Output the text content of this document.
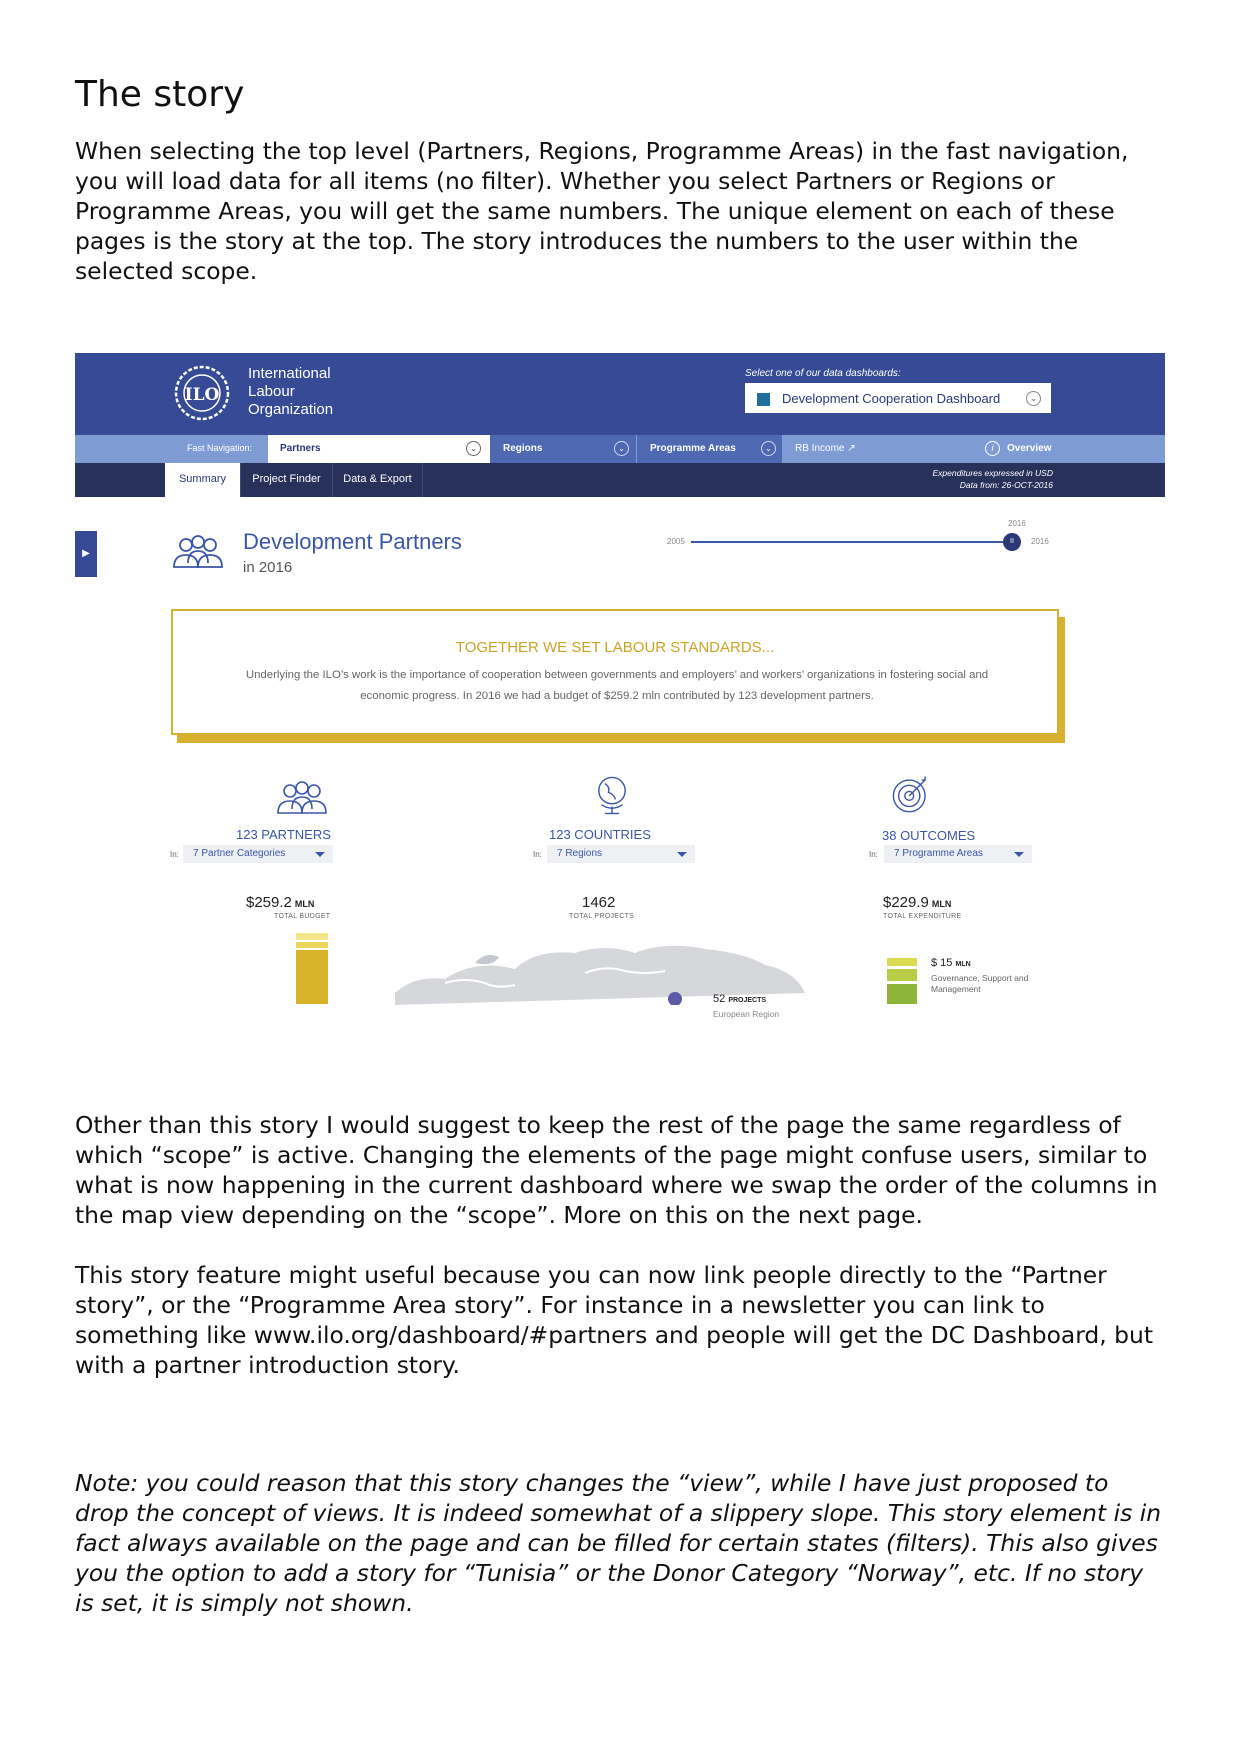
The story
When selecting the top level (Partners, Regions, Programme Areas) in the fast navigation, you will load data for all items (no filter). Whether you select Partners or Regions or Programme Areas, you will get the same numbers. The unique element on each of these pages is the story at the top. The story introduces the numbers to the user within the selected scope.
ILO
International
Labour
Organization
Select one of our data dashboards:
Development Cooperation Dashboard	⌄
Fast Navigation:	Partners	⌄	Regions	⌄	Programme Areas	⌄	RB Income ↗	i	Overview
Summary	Project Finder	Data & Export	Expenditures expressed in USD
Data from: 26-OCT-2016
▶	Development Partners
in 2016
2016
2005	II	2016
TOGETHER WE SET LABOUR STANDARDS...
Underlying the ILO’s work is the importance of cooperation between governments and employers’ and workers’ organizations in fostering social and economic progress. In 2016 we had a budget of $259.2 mln contributed by 123 development partners.
123 PARTNERS
In:	7 Partner Categories
$259.2 MLN
TOTAL BUDGET
123 COUNTRIES
In:	7 Regions
1462
TOTAL PROJECTS
52 PROJECTS
European Region
38 OUTCOMES
In:	7 Programme Areas
$229.9 MLN
TOTAL EXPENDITURE
$ 15 MLN
Governance, Support and Management
Other than this story I would suggest to keep the rest of the page the same regardless of which “scope” is active. Changing the elements of the page might confuse users, similar to what is now happening in the current dashboard where we swap the order of the columns in the map view depending on the “scope”. More on this on the next page.
This story feature might useful because you can now link people directly to the “Partner story”, or the “Programme Area story”. For instance in a newsletter you can link to something like www.ilo.org/dashboard/#partners and people will get the DC Dashboard, but with a partner introduction story.
Note: you could reason that this story changes the “view”, while I have just proposed to drop the concept of views. It is indeed somewhat of a slippery slope. This story element is in fact always available on the page and can be filled for certain states (filters). This also gives you the option to add a story for “Tunisia” or the Donor Category “Norway”, etc. If no story is set, it is simply not shown.
